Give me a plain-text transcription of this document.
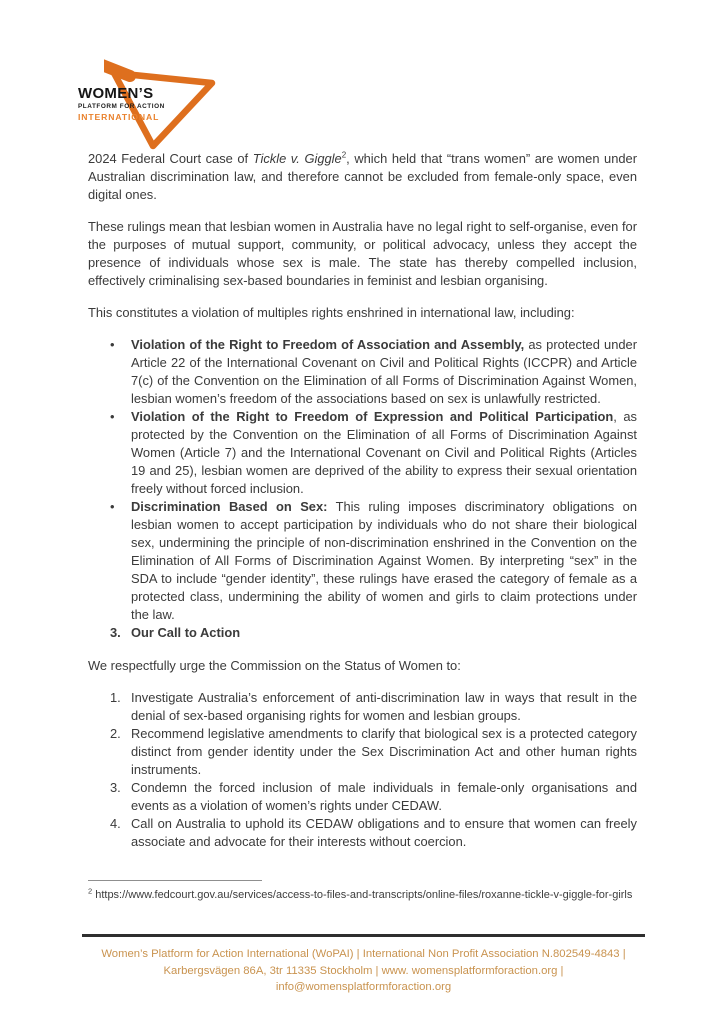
WOMEN’S
PLATFORM FOR ACTION
INTERNATIONAL

2024 Federal Court case of Tickle v. Giggle$^2$, which held that “trans women” are women under Australian discrimination law, and therefore cannot be excluded from female-only space, even digital ones.

These rulings mean that lesbian women in Australia have no legal right to self-organise, even for the purposes of mutual support, community, or political advocacy, unless they accept the presence of individuals whose sex is male. The state has thereby compelled inclusion, effectively criminalising sex-based boundaries in feminist and lesbian organising.

This constitutes a violation of multiples rights enshrined in international law, including:

•	Violation of the Right to Freedom of Association and Assembly, as protected under Article 22 of the International Covenant on Civil and Political Rights (ICCPR) and Article 7(c) of the Convention on the Elimination of all Forms of Discrimination Against Women, lesbian women’s freedom of the associations based on sex is unlawfully restricted.
•	Violation of the Right to Freedom of Expression and Political Participation, as protected by the Convention on the Elimination of all Forms of Discrimination Against Women (Article 7) and the International Covenant on Civil and Political Rights (Articles 19 and 25), lesbian women are deprived of the ability to express their sexual orientation freely without forced inclusion.
•	Discrimination Based on Sex: This ruling imposes discriminatory obligations on lesbian women to accept participation by individuals who do not share their biological sex, undermining the principle of non-discrimination enshrined in the Convention on the Elimination of All Forms of Discrimination Against Women. By interpreting “sex” in the SDA to include “gender identity”, these rulings have erased the category of female as a protected class, undermining the ability of women and girls to claim protections under the law.
3. Our Call to Action

We respectfully urge the Commission on the Status of Women to:

1. Investigate Australia’s enforcement of anti-discrimination law in ways that result in the denial of sex-based organising rights for women and lesbian groups.
2. Recommend legislative amendments to clarify that biological sex is a protected category distinct from gender identity under the Sex Discrimination Act and other human rights instruments.
3. Condemn the forced inclusion of male individuals in female-only organisations and events as a violation of women’s rights under CEDAW.
4. Call on Australia to uphold its CEDAW obligations and to ensure that women can freely associate and advocate for their interests without coercion.
$^2$ https://www.fedcourt.gov.au/services/access-to-files-and-transcripts/online-files/roxanne-tickle-v-giggle-for-girls
Women’s Platform for Action International (WoPAI) | International Non Profit Association N.802549-4843 |
Karbergsvägen 86A, 3tr 11335 Stockholm | www. womensplatformforaction.org | info@womensplatformforaction.org
